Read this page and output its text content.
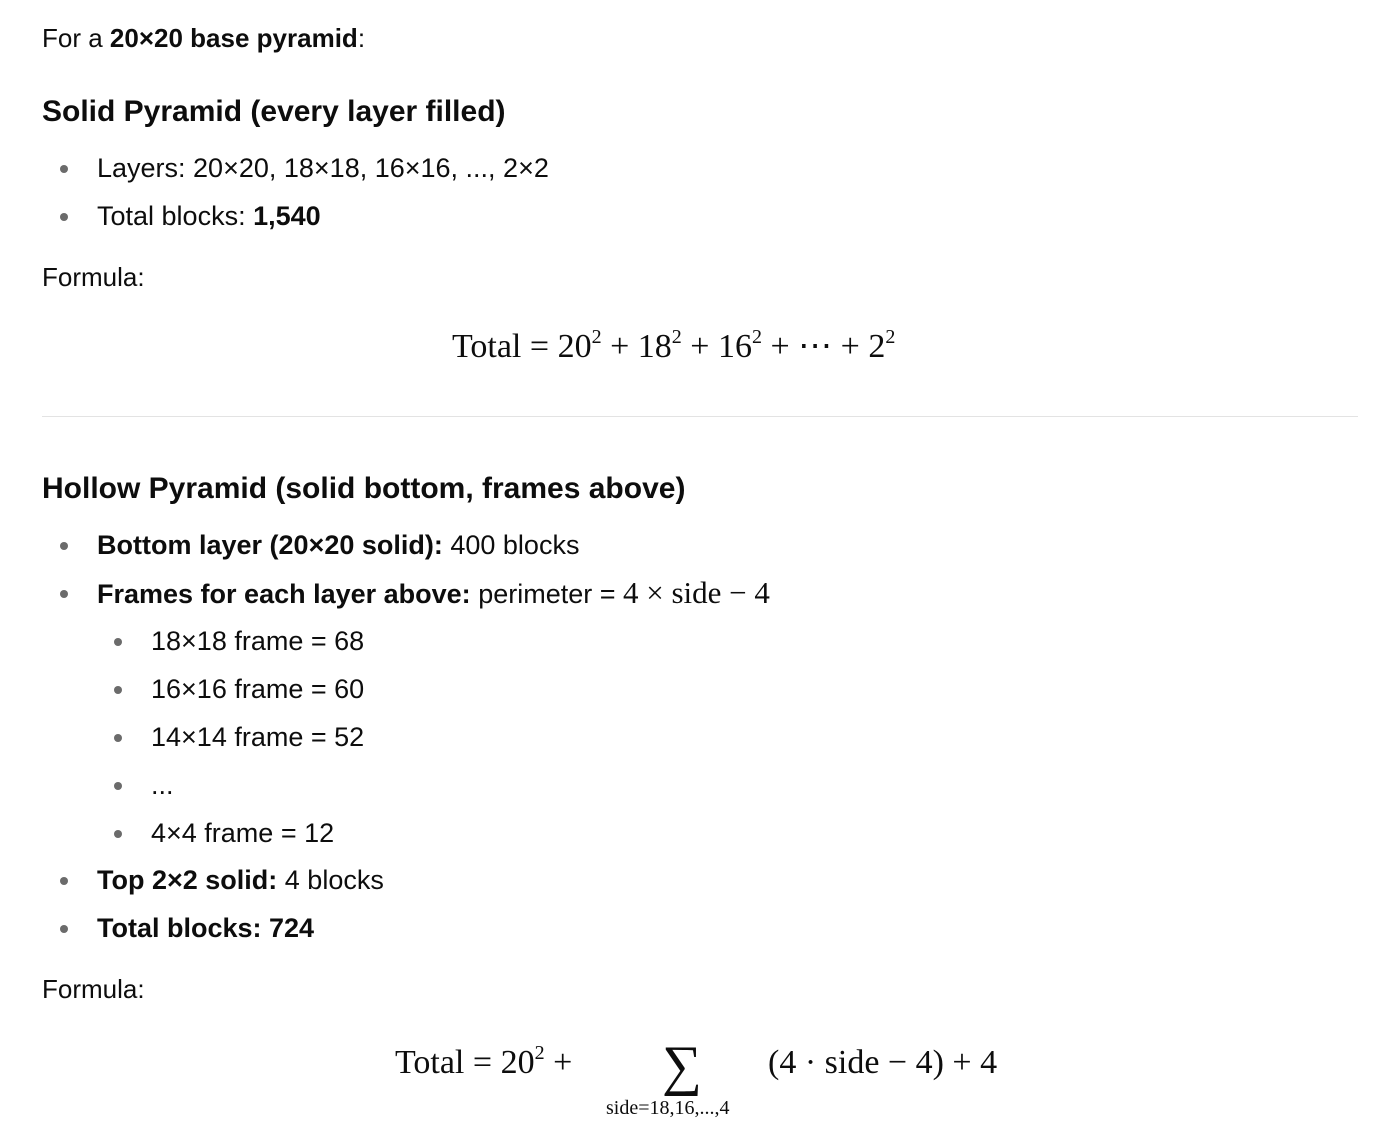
For a 20×20 base pyramid:
Solid Pyramid (every layer filled)
Layers: 20×20, 18×18, 16×16, ..., 2×2
Total blocks: 1,540
Formula:
Total = $20^2 + 18^2 + 16^2$ + ⋯ + $2^2$
Hollow Pyramid (solid bottom, frames above)
Bottom layer (20×20 solid): 400 blocks
Frames for each layer above: perimeter = 4 × side − 4
18×18 frame = 68
16×16 frame = 60
14×14 frame = 52
...
4×4 frame = 12
Top 2×2 solid: 4 blocks
Total blocks: 724
Formula:
Total = $20^2$ + ∑
side=18,16,...,4
(4 · side − 4) + 4
